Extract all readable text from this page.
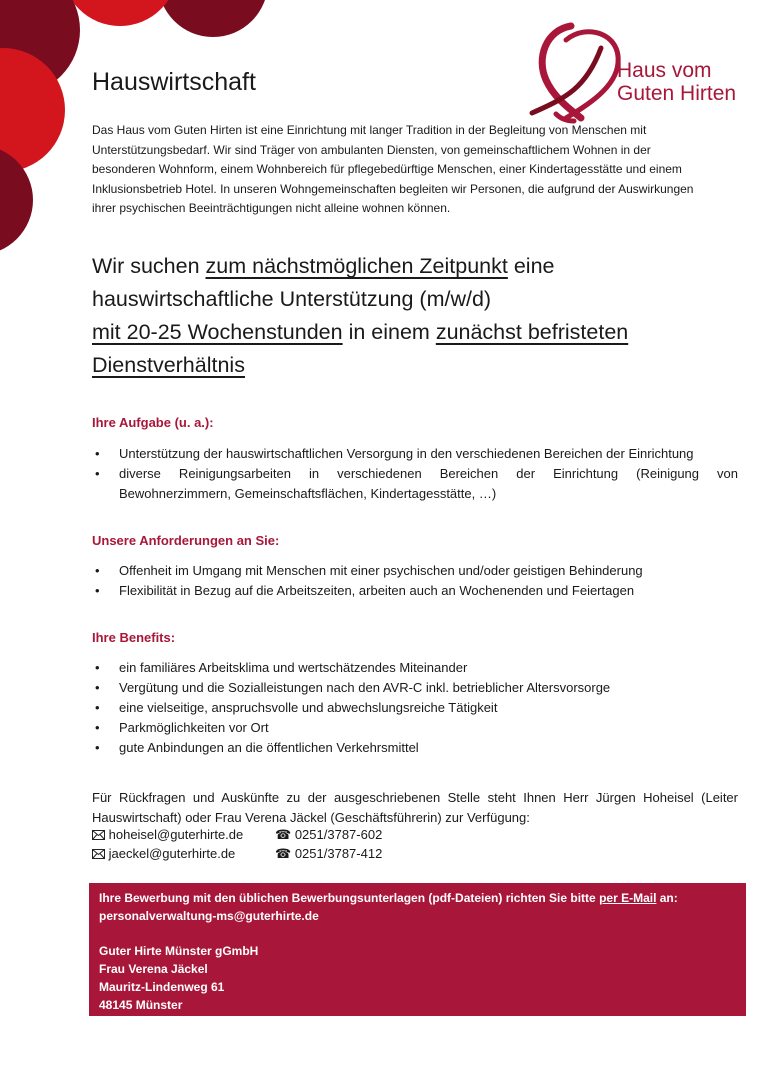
Haus vom
Guten Hirten
Hauswirtschaft

Das Haus vom Guten Hirten ist eine Einrichtung mit langer Tradition in der Begleitung von Menschen mit Unterstützungsbedarf. Wir sind Träger von ambulanten Diensten, von gemeinschaftlichem Wohnen in der besonderen Wohnform, einem Wohnbereich für pflegebedürftige Menschen, einer Kindertagesstätte und einem Inklusionsbetrieb Hotel. In unseren Wohngemeinschaften begleiten wir Personen, die aufgrund der Auswirkungen ihrer psychischen Beeinträchtigungen nicht alleine wohnen können.

Wir suchen zum nächstmöglichen Zeitpunkt eine hauswirtschaftliche Unterstützung (m/w/d)
mit 20-25 Wochenstunden in einem zunächst befristeten Dienstverhältnis

Ihre Aufgabe (u. a.):
• Unterstützung der hauswirtschaftlichen Versorgung in den verschiedenen Bereichen der Einrichtung
• diverse Reinigungsarbeiten in verschiedenen Bereichen der Einrichtung (Reinigung von Bewohnerzimmern, Gemeinschaftsflächen, Kindertagesstätte, …)
Unsere Anforderungen an Sie:
• Offenheit im Umgang mit Menschen mit einer psychischen und/oder geistigen Behinderung
• Flexibilität in Bezug auf die Arbeitszeiten, arbeiten auch an Wochenenden und Feiertagen
Ihre Benefits:
• ein familiäres Arbeitsklima und wertschätzendes Miteinander
• Vergütung und die Sozialleistungen nach den AVR-C inkl. betrieblicher Altersvorsorge
• eine vielseitige, anspruchsvolle und abwechslungsreiche Tätigkeit
• Parkmöglichkeiten vor Ort
• gute Anbindungen an die öffentlichen Verkehrsmittel

Für Rückfragen und Auskünfte zu der ausgeschriebenen Stelle steht Ihnen Herr Jürgen Hoheisel (Leiter Hauswirtschaft) oder Frau Verena Jäckel (Geschäftsführerin) zur Verfügung:

hoheisel@guterhirte.de ☎ 0251/3787-602
jaeckel@guterhirte.de	☎ 0251/3787-412

Ihre Bewerbung mit den üblichen Bewerbungsunterlagen (pdf-Dateien) richten Sie bitte per E-Mail an:

personalverwaltung-ms@guterhirte.de

Guter Hirte Münster gGmbH

Frau Verena Jäckel

Mauritz-Lindenweg 61

48145 Münster
